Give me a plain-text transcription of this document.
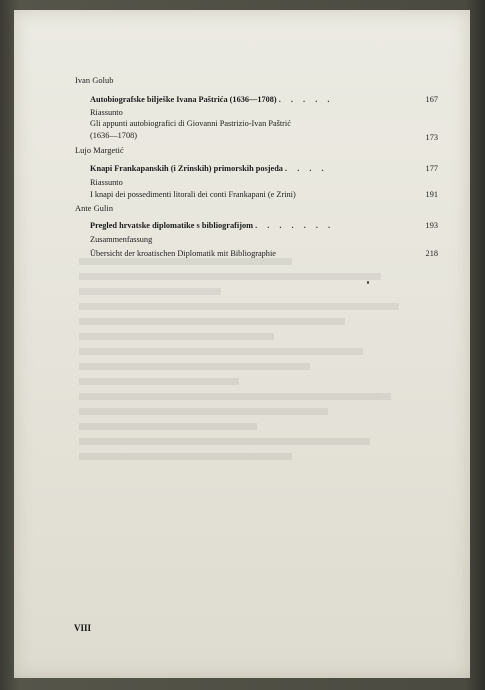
Ivan Golub
Autobiografske bilješke Ivana Paštrića (1636—1708) . . . . .	167
Riassunto
Gli appunti autobiografici di Giovanni Pastrizio-Ivan Paštrić
(1636—1708)	173
Lujo Margetić
Knapi Frankapanskih (i Zrinskih) primorskih posjeda . . . .	177
Riassunto
I knapi dei possedimenti litorali dei conti Frankapani (e Zrini)	191
Ante Gulin
Pregled hrvatske diplomatike s bibliografijom . . . . . . .	193
Zusammenfassung
Übersicht der kroatischen Diplomatik mit Bibliographie	218
VIII
